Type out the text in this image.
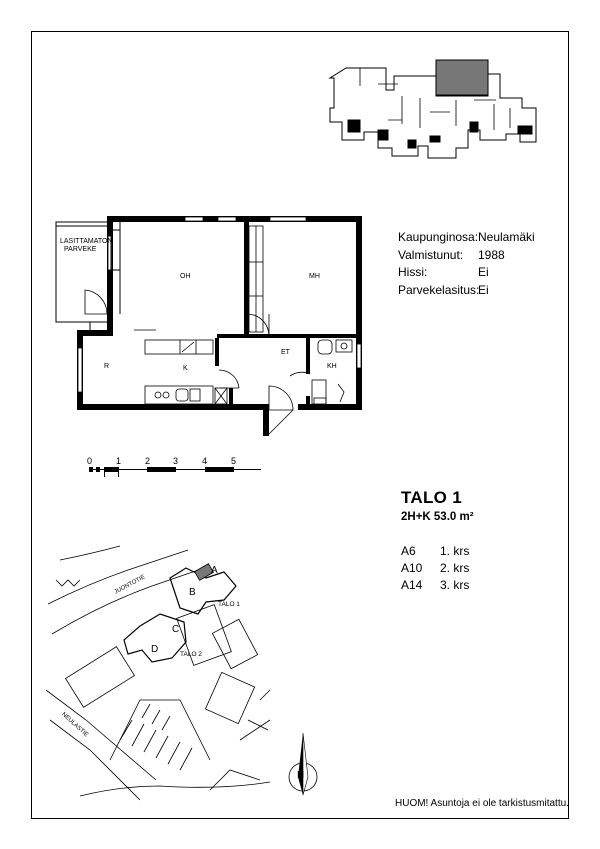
LASITTAMATON
PARVEKE
OH	MH
ET
KH
R	K
0	1	2	3	4	5
Kaupunginosa: Neulamäki
Valmistunut:	1988
Hissi:	Ei
Parvekelasitus:
Ei
TALO 1
2H+K 53.0 m²
A6	1. krs
A10	2. krs
A14	3. krs
JUONTOTIE
NEULASTIE
TALO 1
TALO 2
A
B
C
D
N
HUOM! Asuntoja ei ole tarkistusmitattu.
